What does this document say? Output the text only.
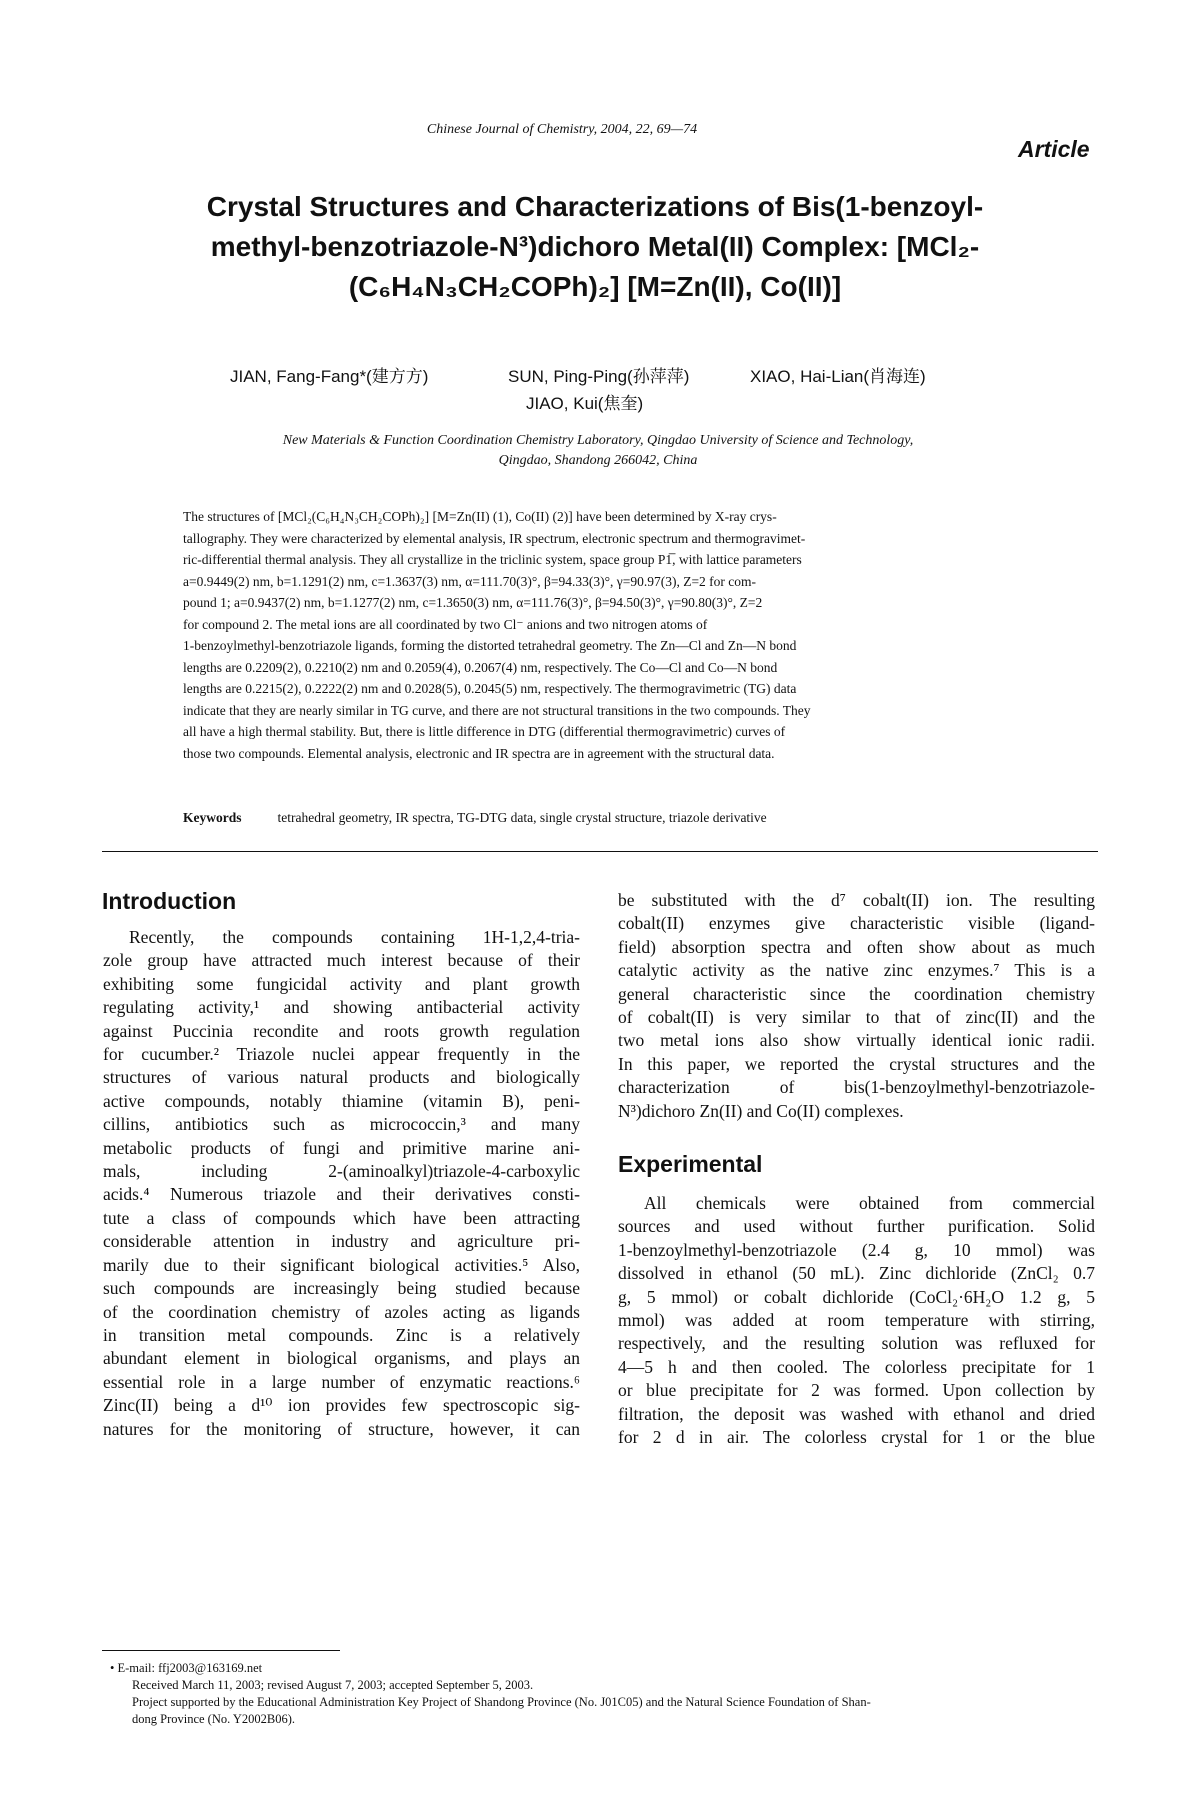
Chinese Journal of Chemistry, 2004, 22, 69—74
Article
Crystal Structures and Characterizations of Bis(1-benzoyl-
methyl-benzotriazole-N³)dichoro Metal(II) Complex: [MCl₂-
(C₆H₄N₃CH₂COPh)₂] [M=Zn(II), Co(II)]
JIAN, Fang-Fang*(建方方)	SUN, Ping-Ping(孙萍萍)	XIAO, Hai-Lian(肖海连)
JIAO, Kui(焦奎)
New Materials & Function Coordination Chemistry Laboratory, Qingdao University of Science and Technology,
Qingdao, Shandong 266042, China
The structures of [MCl₂(C₆H₄N₃CH₂COPh)₂] [M=Zn(II) (1), Co(II) (2)] have been determined by X-ray crys-
tallography. They were characterized by elemental analysis, IR spectrum, electronic spectrum and thermogravimet-
ric-differential thermal analysis. They all crystallize in the triclinic system, space group P1̅, with lattice parameters
a=0.9449(2) nm, b=1.1291(2) nm, c=1.3637(3) nm, α=111.70(3)°, β=94.33(3)°, γ=90.97(3), Z=2 for com-
pound 1; a=0.9437(2) nm, b=1.1277(2) nm, c=1.3650(3) nm, α=111.76(3)°, β=94.50(3)°, γ=90.80(3)°, Z=2
for compound 2. The metal ions are all coordinated by two Cl⁻ anions and two nitrogen atoms of
1-benzoylmethyl-benzotriazole ligands, forming the distorted tetrahedral geometry. The Zn—Cl and Zn—N bond
lengths are 0.2209(2), 0.2210(2) nm and 0.2059(4), 0.2067(4) nm, respectively. The Co—Cl and Co—N bond
lengths are 0.2215(2), 0.2222(2) nm and 0.2028(5), 0.2045(5) nm, respectively. The thermogravimetric (TG) data
indicate that they are nearly similar in TG curve, and there are not structural transitions in the two compounds. They
all have a high thermal stability. But, there is little difference in DTG (differential thermogravimetric) curves of
those two compounds. Elemental analysis, electronic and IR spectra are in agreement with the structural data.
Keywords	tetrahedral geometry, IR spectra, TG-DTG data, single crystal structure, triazole derivative
Introduction
Recently, the compounds containing 1H-1,2,4-tria-
zole group have attracted much interest because of their
exhibiting some fungicidal activity and plant growth
regulating activity,¹ and showing antibacterial activity
against Puccinia recondite and roots growth regulation
for cucumber.² Triazole nuclei appear frequently in the
structures of various natural products and biologically
active compounds, notably thiamine (vitamin B), peni-
cillins, antibiotics such as micrococcin,³ and many
metabolic products of fungi and primitive marine ani-
mals, including 2-(aminoalkyl)triazole-4-carboxylic
acids.⁴ Numerous triazole and their derivatives consti-
tute a class of compounds which have been attracting
considerable attention in industry and agriculture pri-
marily due to their significant biological activities.⁵ Also,
such compounds are increasingly being studied because
of the coordination chemistry of azoles acting as ligands
in transition metal compounds. Zinc is a relatively
abundant element in biological organisms, and plays an
essential role in a large number of enzymatic reactions.⁶
Zinc(II) being a d¹⁰ ion provides few spectroscopic sig-
natures for the monitoring of structure, however, it can
be substituted with the d⁷ cobalt(II) ion. The resulting
cobalt(II) enzymes give characteristic visible (ligand-
field) absorption spectra and often show about as much
catalytic activity as the native zinc enzymes.⁷ This is a
general characteristic since the coordination chemistry
of cobalt(II) is very similar to that of zinc(II) and the
two metal ions also show virtually identical ionic radii.
In this paper, we reported the crystal structures and the
characterization of bis(1-benzoylmethyl-benzotriazole-
N³)dichoro Zn(II) and Co(II) complexes.
Experimental
All chemicals were obtained from commercial
sources and used without further purification. Solid
1-benzoylmethyl-benzotriazole (2.4 g, 10 mmol) was
dissolved in ethanol (50 mL). Zinc dichloride (ZnCl₂ 0.7
g, 5 mmol) or cobalt dichloride (CoCl₂·6H₂O 1.2 g, 5
mmol) was added at room temperature with stirring,
respectively, and the resulting solution was refluxed for
4—5 h and then cooled. The colorless precipitate for 1
or blue precipitate for 2 was formed. Upon collection by
filtration, the deposit was washed with ethanol and dried
for 2 d in air. The colorless crystal for 1 or the blue
• E-mail: ffj2003@163169.net
Received March 11, 2003; revised August 7, 2003; accepted September 5, 2003.
Project supported by the Educational Administration Key Project of Shandong Province (No. J01C05) and the Natural Science Foundation of Shan-
dong Province (No. Y2002B06).
